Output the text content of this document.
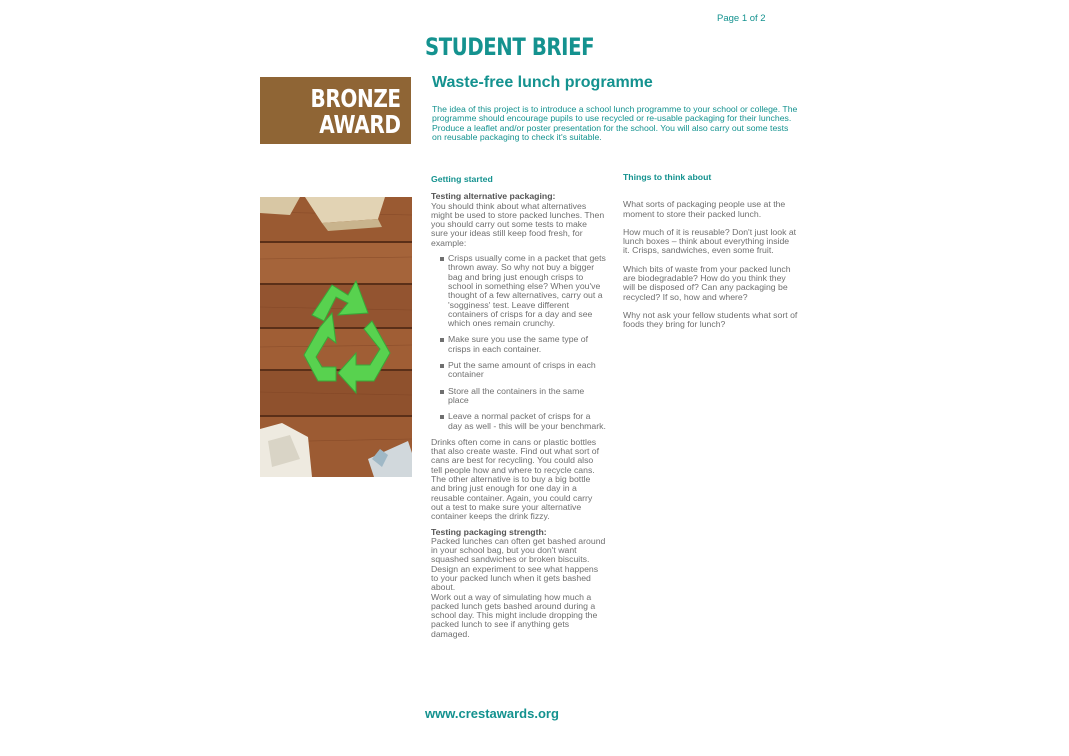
Page 1 of 2
STUDENT BRIEF
BRONZE
AWARD
Waste-free lunch programme
The idea of this project is to introduce a school lunch programme to your school or college. The programme should encourage pupils to use recycled or re-usable packaging for their lunches. Produce a leaflet and/or poster presentation for the school. You will also carry out some tests on reusable packaging to check it's suitable.
Getting started

Testing alternative packaging:
You should think about what alternatives might be used to store packed lunches. Then you should carry out some tests to make sure your ideas still keep food fresh, for example:

Crisps usually come in a packet that gets thrown away. So why not buy a bigger bag and bring just enough crisps to school in something else? When you've thought of a few alternatives, carry out a 'sogginess' test. Leave different containers of crisps for a day and see which ones remain crunchy.
Make sure you use the same type of crisps in each container.
Put the same amount of crisps in each container
Store all the containers in the same place
Leave a normal packet of crisps for a day as well - this will be your benchmark.

Drinks often come in cans or plastic bottles that also create waste. Find out what sort of cans are best for recycling. You could also tell people how and where to recycle cans. The other alternative is to buy a big bottle and bring just enough for one day in a reusable container. Again, you could carry out a test to make sure your alternative container keeps the drink fizzy.

Testing packaging strength:
Packed lunches can often get bashed around in your school bag, but you don't want squashed sandwiches or broken biscuits. Design an experiment to see what happens to your packed lunch when it gets bashed about.
Work out a way of simulating how much a packed lunch gets bashed around during a school day. This might include dropping the packed lunch to see if anything gets damaged.

Things to think about

What sorts of packaging people use at the moment to store their packed lunch.

How much of it is reusable? Don't just look at lunch boxes – think about everything inside it. Crisps, sandwiches, even some fruit.

Which bits of waste from your packed lunch are biodegradable? How do you think they will be disposed of? Can any packaging be recycled? If so, how and where?

Why not ask your fellow students what sort of foods they bring for lunch?

www.crestawards.org
